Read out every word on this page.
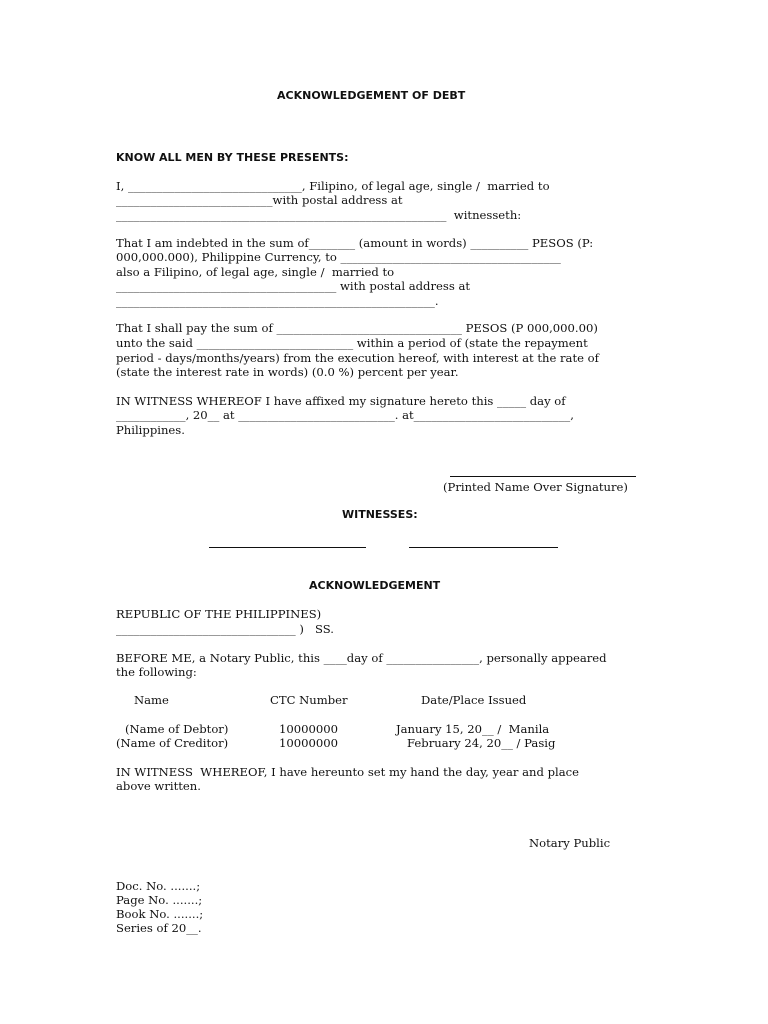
ACKNOWLEDGEMENT OF DEBT
KNOW ALL MEN BY THESE PRESENTS:
I, ______________________________, Filipino, of legal age, single /  married to
___________________________with postal address at
_________________________________________________________  witnesseth:
That I am indebted in the sum of________ (amount in words) __________ PESOS (P:
000,000.000), Philippine Currency, to ______________________________________
also a Filipino, of legal age, single /  married to
______________________________________ with postal address at
_______________________________________________________.
That I shall pay the sum of ________________________________ PESOS (P 000,000.00)
unto the said ___________________________ within a period of (state the repayment
period - days/months/years) from the execution hereof, with interest at the rate of
(state the interest rate in words) (0.0 %) percent per year.
IN WITNESS WHEREOF I have affixed my signature hereto this _____ day of
____________, 20__ at ___________________________. at___________________________,
Philippines.
(Printed Name Over Signature)
WITNESSES:
ACKNOWLEDGEMENT
REPUBLIC OF THE PHILIPPINES)
_______________________________ )   SS.
BEFORE ME, a Notary Public, this ____day of ________________, personally appeared
the following:
Name	CTC Number	Date/Place Issued
(Name of Debtor)	10000000	January 15, 20__ /  Manila
(Name of Creditor)	10000000	February 24, 20__ / Pasig
IN WITNESS  WHEREOF, I have hereunto set my hand the day, year and place
above written.
Notary Public
Doc. No. .......;
Page No. .......;
Book No. .......;
Series of 20__.
